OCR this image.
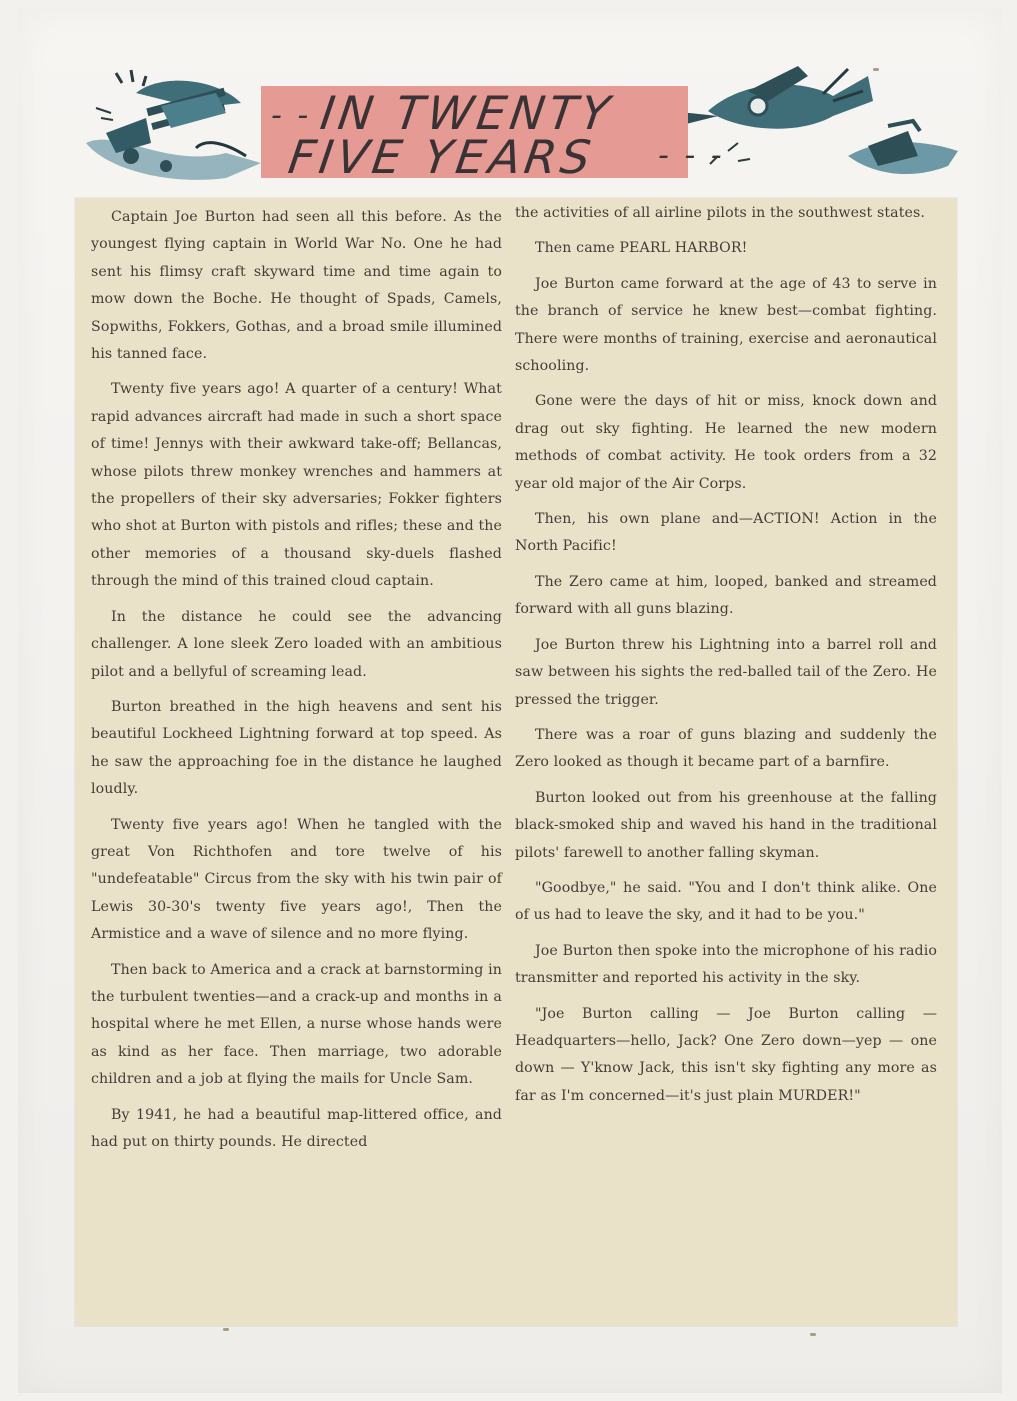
IN TWENTY
FIVE YEARS
- -
- - -

Captain Joe Burton had seen all this before. As the youngest flying captain in World War No. One he had sent his flimsy craft skyward time and time again to mow down the Boche. He thought of Spads, Camels, Sopwiths, Fokkers, Gothas, and a broad smile illumined his tanned face.

Twenty five years ago! A quarter of a century! What rapid advances aircraft had made in such a short space of time! Jennys with their awkward take-off; Bellancas, whose pilots threw monkey wrenches and hammers at the propellers of their sky adversaries; Fokker fighters who shot at Burton with pistols and rifles; these and the other memories of a thousand sky-duels flashed through the mind of this trained cloud captain.

In the distance he could see the advancing challenger. A lone sleek Zero loaded with an ambitious pilot and a bellyful of screaming lead.

Burton breathed in the high heavens and sent his beautiful Lockheed Lightning forward at top speed. As he saw the approaching foe in the distance he laughed loudly.

Twenty five years ago! When he tangled with the great Von Richthofen and tore twelve of his "undefeatable" Circus from the sky with his twin pair of Lewis 30-30's twenty five years ago!, Then the Armistice and a wave of silence and no more flying.

Then back to America and a crack at barnstorming in the turbulent twenties—and a crack-up and months in a hospital where he met Ellen, a nurse whose hands were as kind as her face. Then marriage, two adorable children and a job at flying the mails for Uncle Sam.

By 1941, he had a beautiful map-littered office, and had put on thirty pounds. He directed

the activities of all airline pilots in the southwest states.

Then came PEARL HARBOR!

Joe Burton came forward at the age of 43 to serve in the branch of service he knew best—combat fighting. There were months of training, exercise and aeronautical schooling.

Gone were the days of hit or miss, knock down and drag out sky fighting. He learned the new modern methods of combat activity. He took orders from a 32 year old major of the Air Corps.

Then, his own plane and—ACTION! Action in the North Pacific!

The Zero came at him, looped, banked and streamed forward with all guns blazing.

Joe Burton threw his Lightning into a barrel roll and saw between his sights the red-balled tail of the Zero. He pressed the trigger.

There was a roar of guns blazing and suddenly the Zero looked as though it became part of a barnfire.

Burton looked out from his greenhouse at the falling black-smoked ship and waved his hand in the traditional pilots' farewell to another falling skyman.

"Goodbye," he said. "You and I don't think alike. One of us had to leave the sky, and it had to be you."

Joe Burton then spoke into the microphone of his radio transmitter and reported his activity in the sky.

"Joe Burton calling — Joe Burton calling — Headquarters—hello, Jack? One Zero down—yep — one down — Y'know Jack, this isn't sky fighting any more as far as I'm concerned—it's just plain MURDER!"
